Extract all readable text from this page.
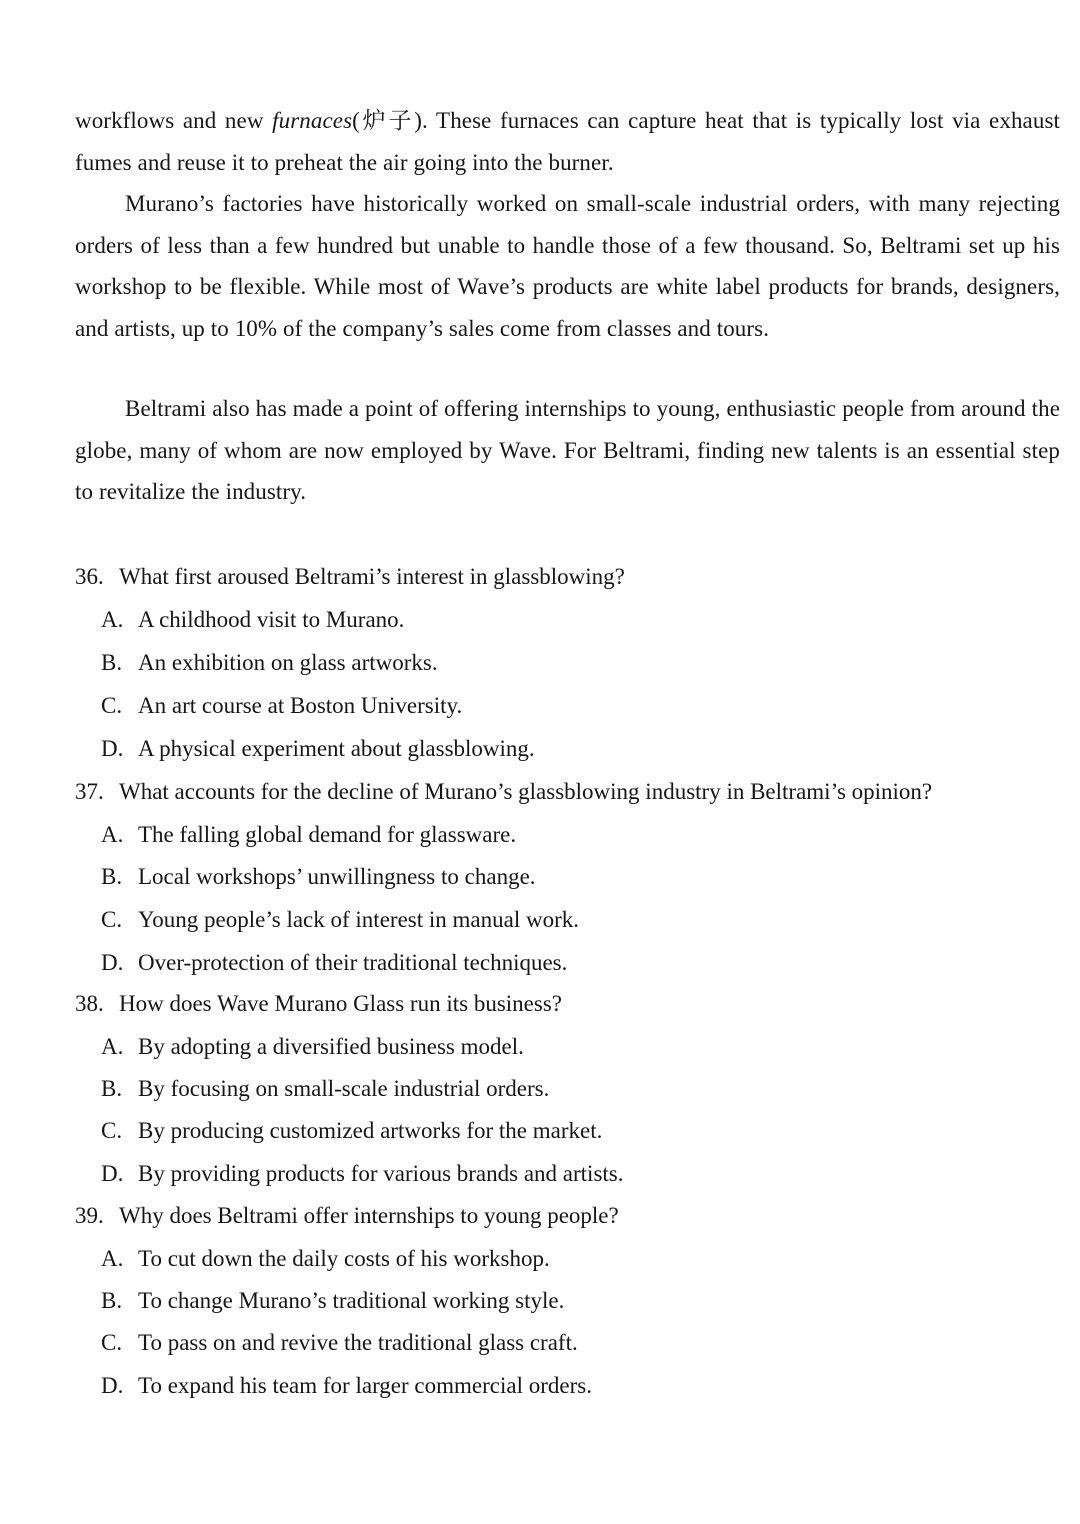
workflows and new furnaces(炉子). These furnaces can capture heat that is typically lost via exhaust fumes and reuse it to preheat the air going into the burner.
Murano’s factories have historically worked on small-scale industrial orders, with many rejecting orders of less than a few hundred but unable to handle those of a few thousand. So, Beltrami set up his workshop to be flexible. While most of Wave’s products are white label products for brands, designers, and artists, up to 10% of the company’s sales come from classes and tours.
Beltrami also has made a point of offering internships to young, enthusiastic people from around the globe, many of whom are now employed by Wave. For Beltrami, finding new talents is an essential step to revitalize the industry.
36. What first aroused Beltrami’s interest in glassblowing?
A. A childhood visit to Murano.
B. An exhibition on glass artworks.
C. An art course at Boston University.
D. A physical experiment about glassblowing.
37. What accounts for the decline of Murano’s glassblowing industry in Beltrami’s opinion?
A. The falling global demand for glassware.
B. Local workshops’ unwillingness to change.
C. Young people’s lack of interest in manual work.
D. Over-protection of their traditional techniques.
38. How does Wave Murano Glass run its business?
A. By adopting a diversified business model.
B. By focusing on small-scale industrial orders.
C. By producing customized artworks for the market.
D. By providing products for various brands and artists.
39. Why does Beltrami offer internships to young people?
A. To cut down the daily costs of his workshop.
B. To change Murano’s traditional working style.
C. To pass on and revive the traditional glass craft.
D. To expand his team for larger commercial orders.
